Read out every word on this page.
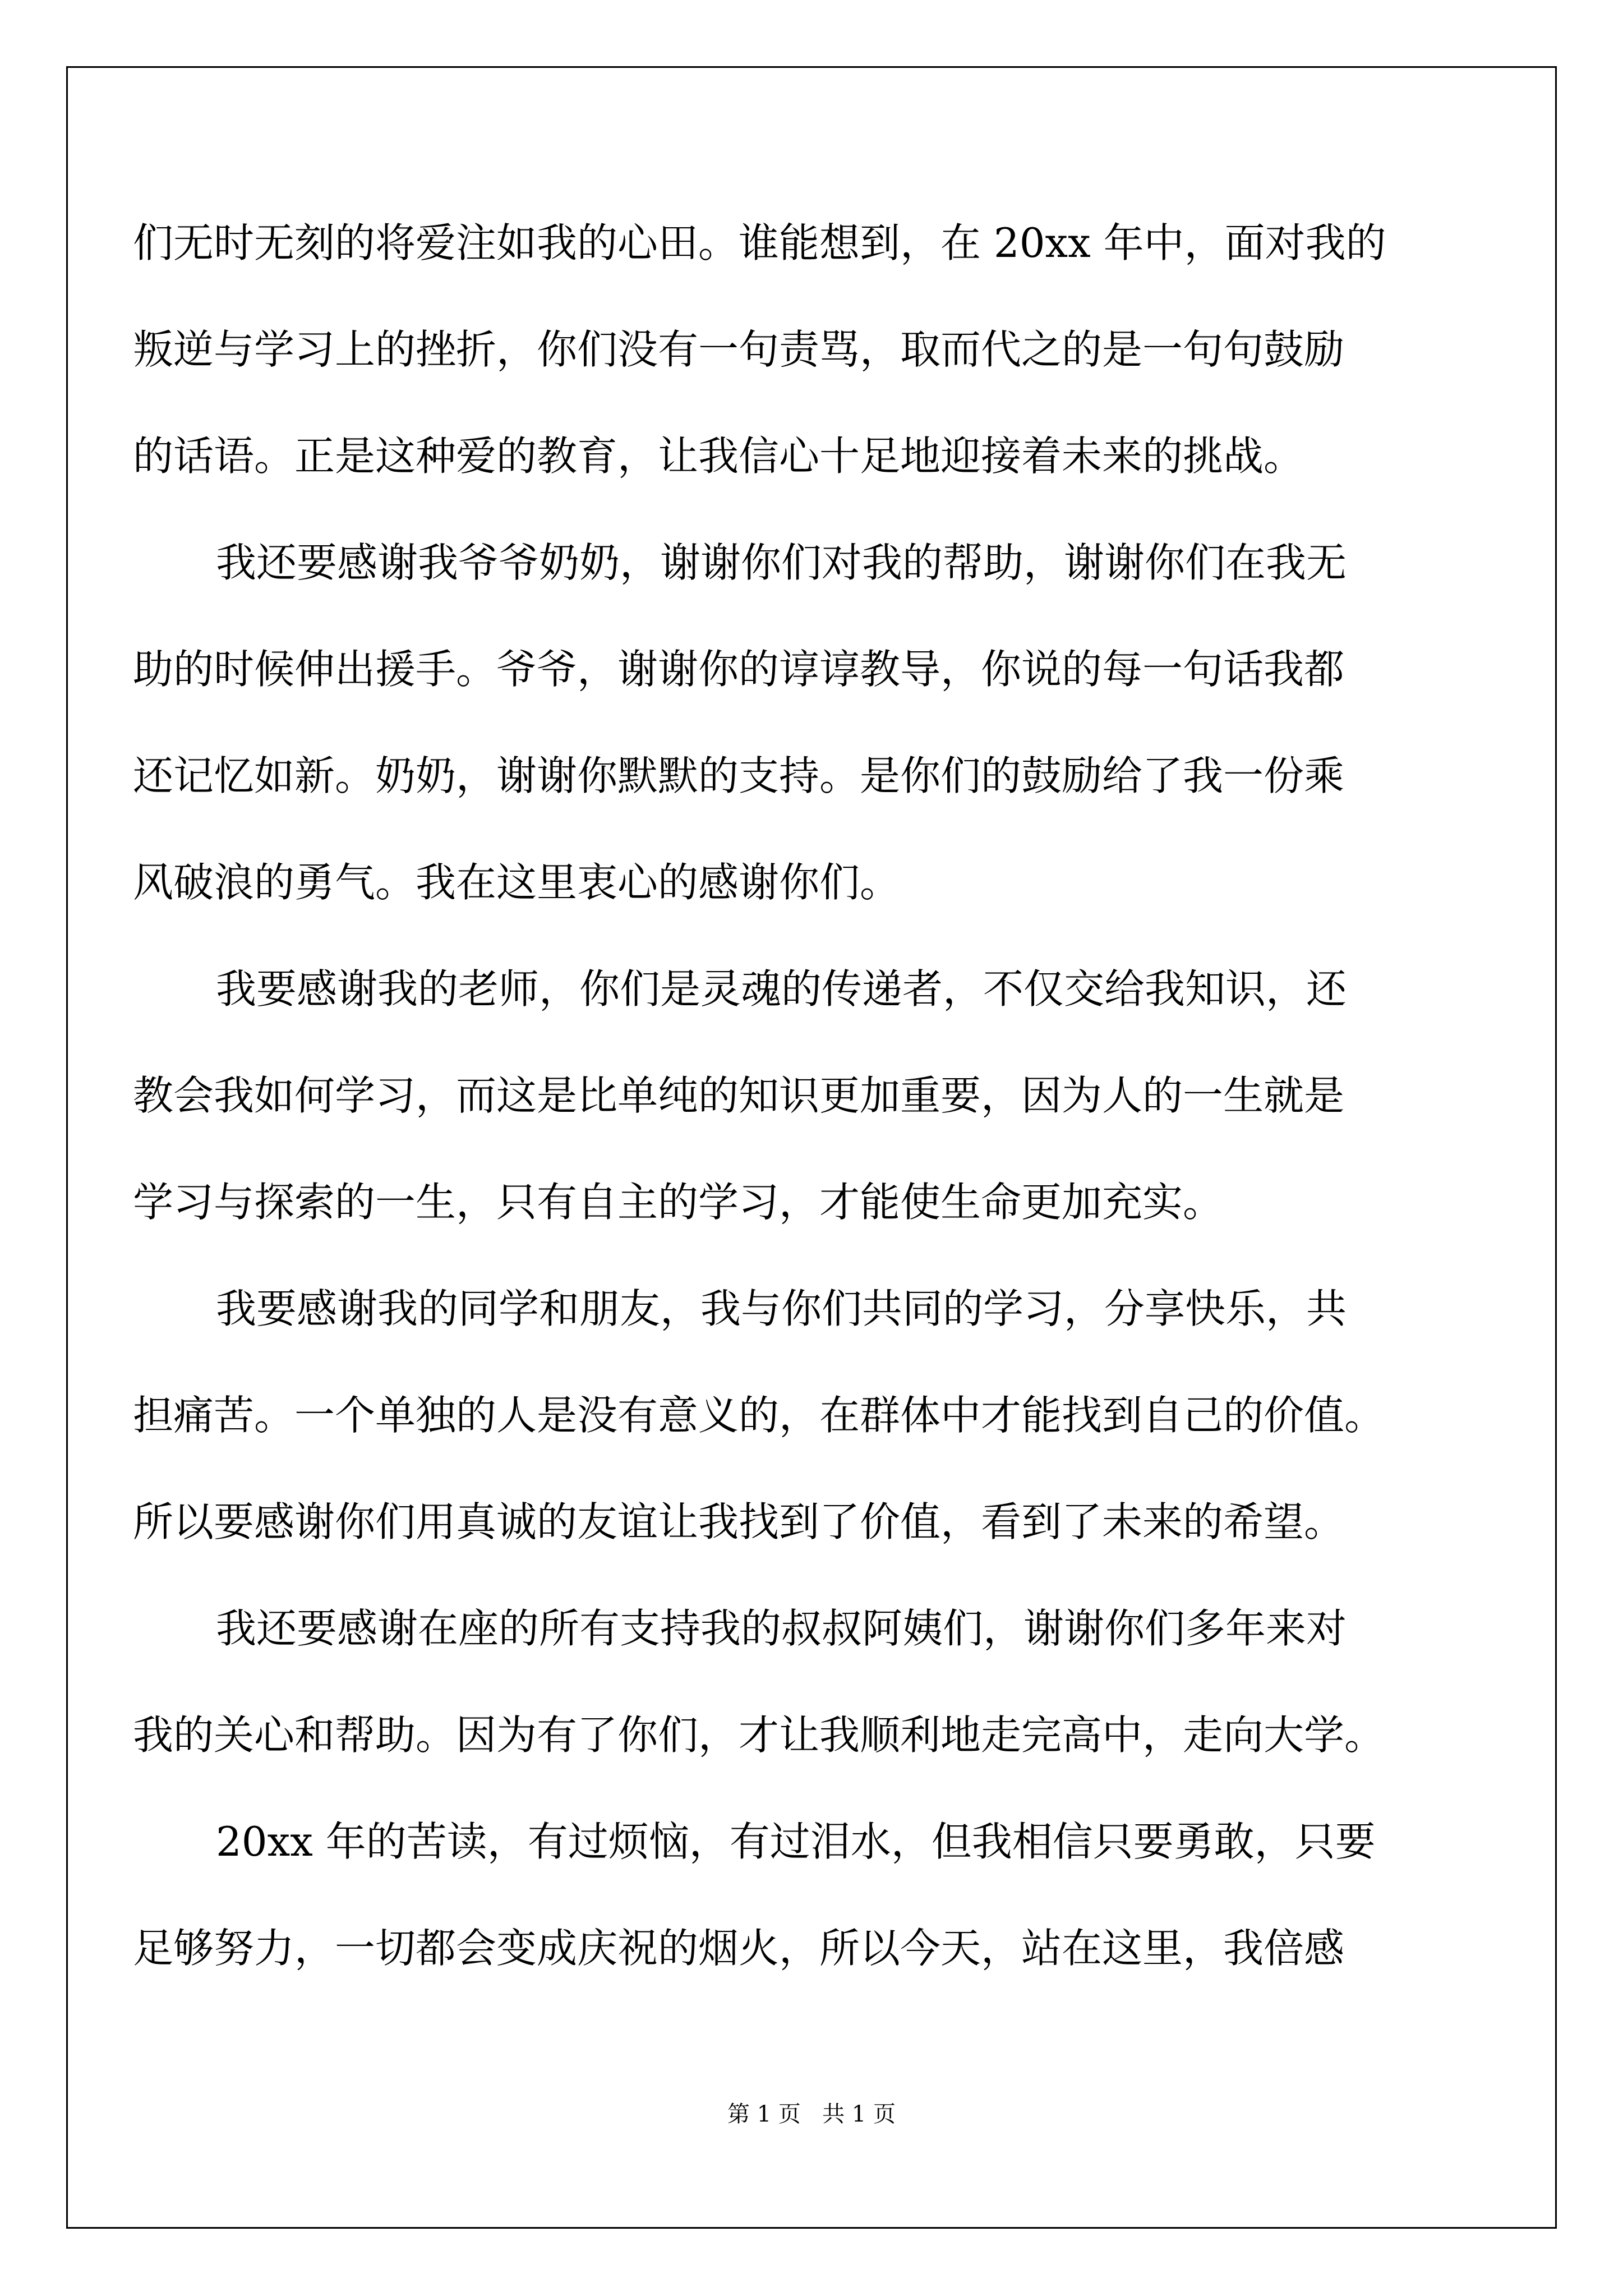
们无时无刻的将爱注如我的心田。谁能想到，在 20xx 年中，面对我的
叛逆与学习上的挫折，你们没有一句责骂，取而代之的是一句句鼓励
的话语。正是这种爱的教育，让我信心十足地迎接着未来的挑战。
我还要感谢我爷爷奶奶，谢谢你们对我的帮助，谢谢你们在我无
助的时候伸出援手。爷爷，谢谢你的谆谆教导，你说的每一句话我都
还记忆如新。奶奶，谢谢你默默的支持。是你们的鼓励给了我一份乘
风破浪的勇气。我在这里衷心的感谢你们。
我要感谢我的老师，你们是灵魂的传递者，不仅交给我知识，还
教会我如何学习，而这是比单纯的知识更加重要，因为人的一生就是
学习与探索的一生，只有自主的学习，才能使生命更加充实。
我要感谢我的同学和朋友，我与你们共同的学习，分享快乐，共
担痛苦。一个单独的人是没有意义的，在群体中才能找到自己的价值。
所以要感谢你们用真诚的友谊让我找到了价值，看到了未来的希望。
我还要感谢在座的所有支持我的叔叔阿姨们，谢谢你们多年来对
我的关心和帮助。因为有了你们，才让我顺利地走完高中，走向大学。
20xx 年的苦读，有过烦恼，有过泪水，但我相信只要勇敢，只要
足够努力，一切都会变成庆祝的烟火，所以今天，站在这里，我倍感
第 1 页 共 1 页
